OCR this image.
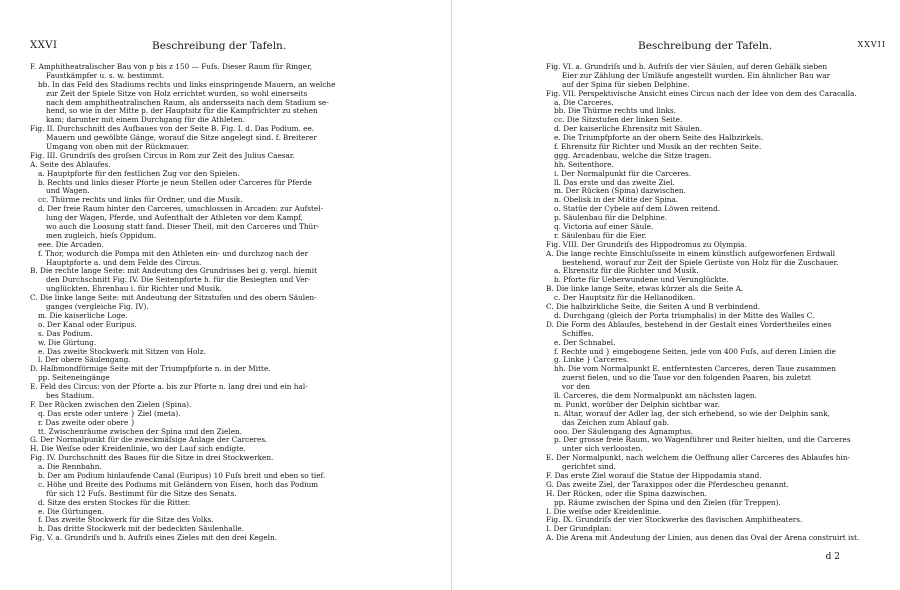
XXVI	Beschreibung der Tafeln.
F. Amphitheatralischer Bau von p bis z 150 — Fuſs. Dieser Raum für Ringer,
Faustkämpfer u. s. w. bestimmt.
bb. In das Feld des Stadiums rechts und links einspringende Mauern, an welche
zur Zeit der Spiele Sitze von Holz errichtet wurden, so wohl einerseits
nach dem amphitheatralischen Raum, als andersseits nach dem Stadium se-
hend, so wie in der Mitte p. der Hauptsitz für die Kampfrichter zu stehen
kam; darunter mit einem Durchgang für die Athleten.
Fig. II. Durchschnitt des Aufbaues von der Seite B. Fig. I. d. Das Podium. ee.
Mauern und gewölbte Gänge, worauf die Sitze angelegt sind. f. Breiterer
Umgang von oben mit der Rückmauer.
Fig. III. Grundriſs des groſsen Circus in Rom zur Zeit des Julius Caesar.
A. Seite des Ablaufes.
a. Hauptpforte für den festlichen Zug vor den Spielen.
b. Rechts und links dieser Pforte je neun Stellen oder Carceres für Pferde
und Wagen.
cc. Thürme rechts und links für Ordner, und die Musik.
d. Der freie Raum hinter den Carceres, umschlossen in Arcaden: zur Aufstel-
lung der Wagen, Pferde, und Aufenthalt der Athleten vor dem Kampf,
wo auch die Loosung statt fand. Dieser Theil, mit den Carceres und Thür-
men zugleich, hieſs Oppidum.
eee. Die Arcaden.
f. Thor, wodurch die Pompa mit den Athleten ein- und durchzog nach der
Hauptpforte a. und dem Felde des Circus.
B. Die rechte lange Seite: mit Andeutung des Grundrisses bei g. vergl. hiemit
den Durchschnitt Fig. IV. Die Seitenpforte h. für die Besiegten und Ver-
unglückten. Ehrenbau i. für Richter und Musik.
C. Die linke lange Seite: mit Andeutung der Sitzstufen und des obern Säulen-
ganges (vergleiche Fig. IV).
m. Die kaiserliche Loge.
o. Der Kanal oder Euripus.
s. Das Podium.
w. Die Gürtung.
e. Das zweite Stockwerk mit Sitzen von Holz.
l. Der obere Säulengang.
D. Halbmondförmige Seite mit der Triumpfpforte n. in der Mitte.
pp. Seiteneingänge
E. Feld des Circus: von der Pforte a. bis zur Pforte n. lang drei und ein hal-
bes Stadium.
F. Der Rücken zwischen den Zielen (Spina).
q. Das erste oder untere } Ziel (meta).
r. Das zweite oder obere }
tt. Zwischenräume zwischen der Spina und den Zielen.
G. Der Normalpunkt für die zweckmäſsige Anlage der Carceres.
H. Die Weiſse oder Kreidenlinie, wo der Lauf sich endigte.
Fig. IV. Durchschnitt des Baues für die Sitze in drei Stockwerken.
a. Die Rennbahn.
b. Der am Podium hinlaufende Canal (Euripus) 10 Fuſs breit und eben so tief.
c. Höhe und Breite des Podiums mit Geländern von Eisen, hoch das Podium
für sich 12 Fuſs. Bestimmt für die Sitze des Senats.
d. Sitze des ersten Stockes für die Ritter.
e. Die Gürtungen.
f. Das zweite Stockwerk für die Sitze des Volks.
h. Das dritte Stockwerk mit der bedeckten Säulenhalle.
Fig. V. a. Grundriſs und b. Aufriſs eines Zieles mit den drei Kegeln.
Beschreibung der Tafeln.	XXVII
Fig. VI. a. Grundriſs und b. Aufriſs der vier Säulen, auf deren Gebälk sieben
Eier zur Zählung der Umläufe angestellt wurden. Ein ähnlicher Bau war
auf der Spina für sieben Delphine.
Fig. VII. Perspektivische Ansicht eines Circus nach der Idee von dem des Caracalla.
a. Die Carceres.
bb. Die Thürme rechts und links.
cc. Die Sitzstufen der linken Seite.
d. Der kaiserliche Ehrensitz mit Säulen.
e. Die Triumpfpforte an der obern Seite des Halbzirkels.
f. Ehrensitz für Richter und Musik an der rechten Seite.
ggg. Arcadenbau, welche die Sitze tragen.
hh. Seitenthore.
i. Der Normalpunkt für die Carceres.
ll. Das erste und das zweite Ziel.
m. Der Rücken (Spina) dazwischen.
n. Obelisk in der Mitte der Spina.
o. Statüe der Cybele auf dem Löwen reitend.
p. Säulenbau für die Delphine.
q. Victoria auf einer Säule.
r. Säulenbau für die Eier.
Fig. VIII. Der Grundriſs des Hippodromus zu Olympia.
A. Die lange rechte Einschluſsseite in einem künstlich aufgeworfenen Erdwall
bestehend, worauf zur Zeit der Spiele Gerüste von Holz für die Zuschauer.
a. Ehrensitz für die Richter und Musik.
b. Pforte für Ueberwundene und Verunglückte.
B. Die linke lange Seite, etwas kürzer als die Seite A.
c. Der Hauptsitz für die Hellanodiken.
C. Die halbzirkliche Seite, die Seiten A und B verbindend.
d. Durchgang (gleich der Porta triumphalis) in der Mitte des Walles C.
D. Die Form des Ablaufes, bestehend in der Gestalt eines Vordertheiles eines
Schiffes.
e. Der Schnabel.
f. Rechte und } eingebogene Seiten, jede von 400 Fuſs, auf deren Linien die
g. Linke } Carceres.
hh. Die vom Normalpunkt E. entferntesten Carceres, deren Taue zusammen
zuerst fielen, und so die Taue vor den folgenden Paaren, bis zuletzt
vor den
ll. Carceres, die dem Normalpunkt am nächsten lagen.
m. Punkt, worüber der Delphin sichtbar war.
n. Altar, worauf der Adler lag, der sich erhebend, so wie der Delphin sank,
das Zeichen zum Ablauf gab.
ooo. Der Säulengang des Agnamptus.
p. Der grosse freie Raum, wo Wagenführer und Reiter hielten, und die Carceres
unter sich verloosten.
E. Der Normalpunkt, nach welchem die Oeffnung aller Carceres des Ablaufes hin-
gerichtet sind.
F. Das erste Ziel worauf die Statue der Hippodamia stand.
G. Das zweite Ziel, der Taraxippos oder die Pferdescheu genannt.
H. Der Rücken, oder die Spina dazwischen.
pp. Räume zwischen der Spina und den Zielen (für Treppen).
I. Die weiſse oder Kreidenlinie.
Fig. IX. Grundriſs der vier Stockwerke des flavischen Amphitheaters.
I. Der Grundplan:
A. Die Arena mit Andeutung der Linien, aus denen das Oval der Arena construirt ist.
d 2
